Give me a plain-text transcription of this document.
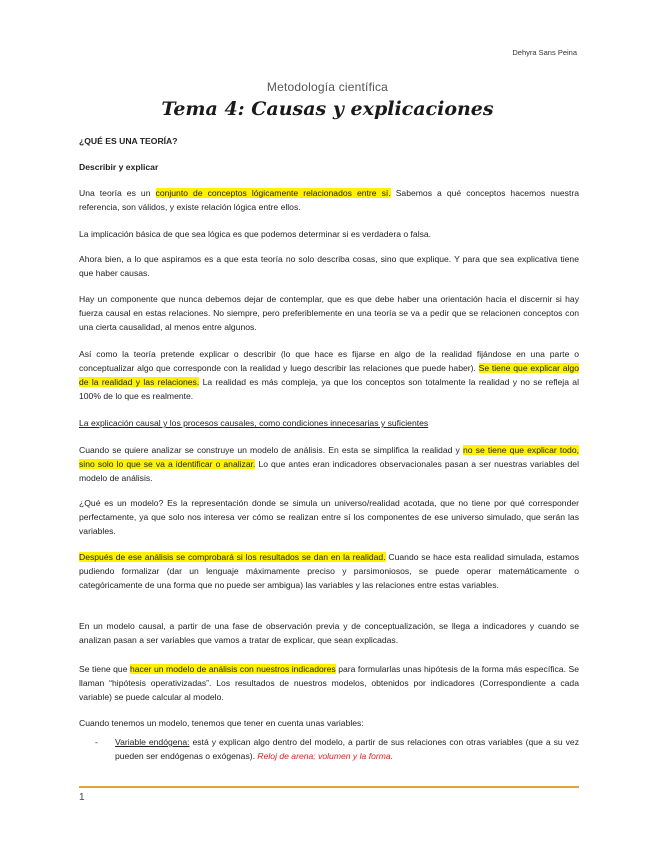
Dehyra Sans Peina
Metodología científica
Tema 4: Causas y explicaciones
¿QUÉ ES UNA TEORÍA?
Describir y explicar

Una teoría es un conjunto de conceptos lógicamente relacionados entre sí. Sabemos a qué conceptos hacemos nuestra referencia, son válidos, y existe relación lógica entre ellos.

La implicación básica de que sea lógica es que podemos determinar si es verdadera o falsa.

Ahora bien, a lo que aspiramos es a que esta teoría no solo describa cosas, sino que explique. Y para que sea explicativa tiene que haber causas.

Hay un componente que nunca debemos dejar de contemplar, que es que debe haber una orientación hacia el discernir si hay fuerza causal en estas relaciones. No siempre, pero preferiblemente en una teoría se va a pedir que se relacionen conceptos con una cierta causalidad, al menos entre algunos.

Así como la teoría pretende explicar o describir (lo que hace es fijarse en algo de la realidad fijándose en una parte o conceptualizar algo que corresponde con la realidad y luego describir las relaciones que puede haber). Se tiene que explicar algo de la realidad y las relaciones. La realidad es más compleja, ya que los conceptos son totalmente la realidad y no se refleja al 100% de lo que es realmente.

La explicación causal y los procesos causales, como condiciones innecesarias y suficientes

Cuando se quiere analizar se construye un modelo de análisis. En esta se simplifica la realidad y no se tiene que explicar todo, sino solo lo que se va a identificar o analizar. Lo que antes eran indicadores observacionales pasan a ser nuestras variables del modelo de análisis.

¿Qué es un modelo? Es la representación donde se simula un universo/realidad acotada, que no tiene por qué corresponder perfectamente, ya que solo nos interesa ver cómo se realizan entre sí los componentes de ese universo simulado, que serán las variables.

Después de ese análisis se comprobará si los resultados se dan en la realidad. Cuando se hace esta realidad simulada, estamos pudiendo formalizar (dar un lenguaje máximamente preciso y parsimoniosos, se puede operar matemáticamente o categóricamente de una forma que no puede ser ambigua) las variables y las relaciones entre estas variables.

En un modelo causal, a partir de una fase de observación previa y de conceptualización, se llega a indicadores y cuando se analizan pasan a ser variables que vamos a tratar de explicar, que sean explicadas.

Se tiene que hacer un modelo de análisis con nuestros indicadores para formularlas unas hipótesis de la forma más específica. Se llaman “hipótesis operativizadas”. Los resultados de nuestros modelos, obtenidos por indicadores (Correspondiente a cada variable) se puede calcular al modelo.

Cuando tenemos un modelo, tenemos que tener en cuenta unas variables:

- Variable endógena: está y explican algo dentro del modelo, a partir de sus relaciones con otras variables (que a su vez pueden ser endógenas o exógenas). Reloj de arena; volumen y la forma.

1
